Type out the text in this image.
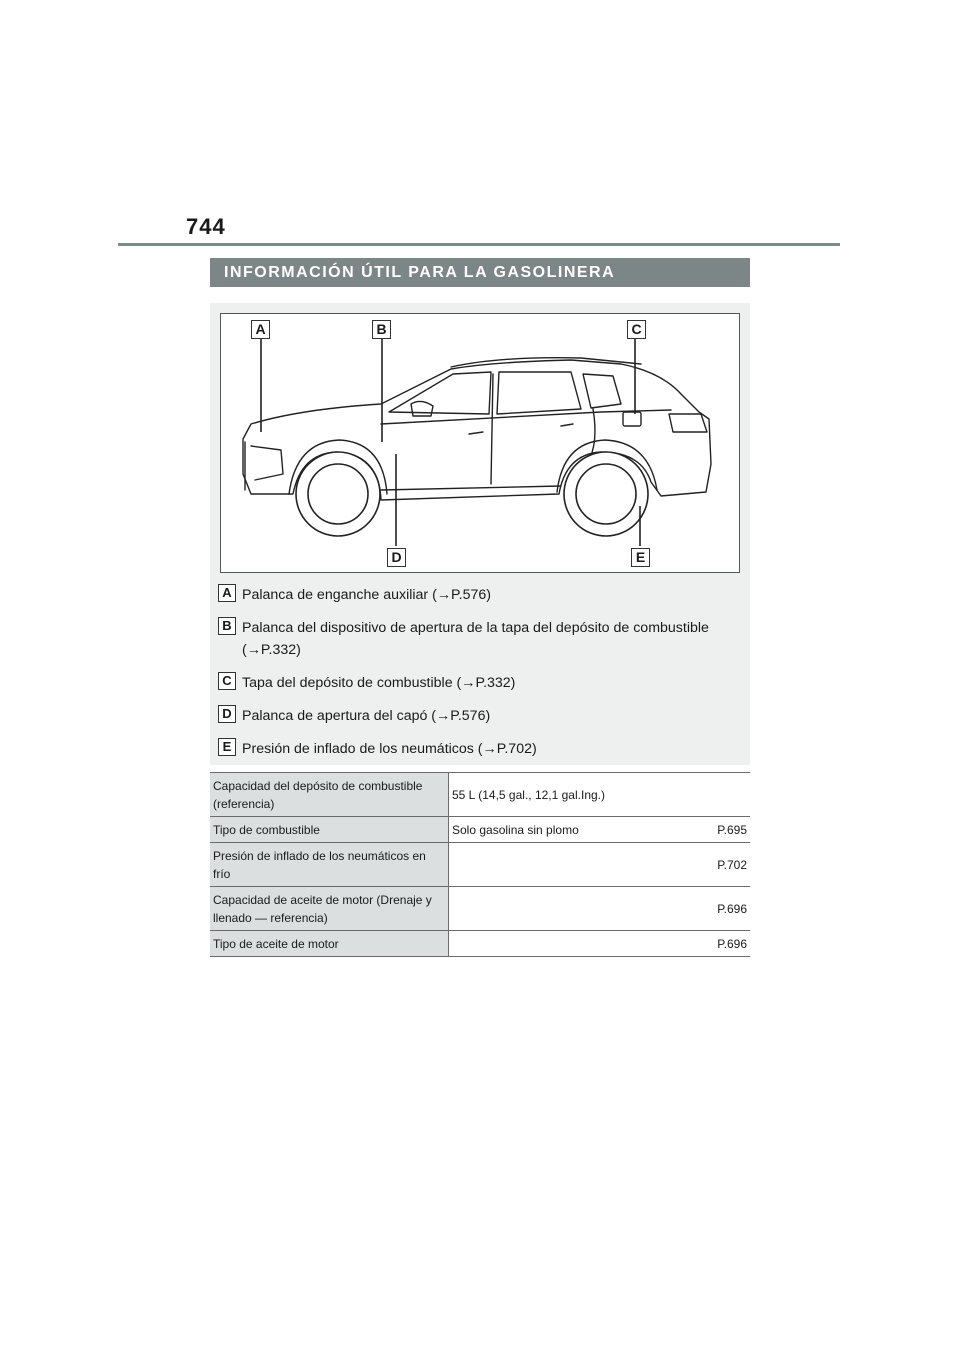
744
INFORMACIÓN ÚTIL PARA LA GASOLINERA
A	B	C
D	E
A Palanca de enganche auxiliar (→P.576)
B Palanca del dispositivo de apertura de la tapa del depósito de combustible (→P.332)
C Tapa del depósito de combustible (→P.332)
D Palanca de apertura del capó (→P.576)
E Presión de inflado de los neumáticos (→P.702)
Capacidad del depósito de combustible (referencia)	55 L (14,5 gal., 12,1 gal.Ing.)

Tipo de combustible	Solo gasolina sin plomo P.695

Presión de inflado de los neumáticos en frío	P.702

Capacidad de aceite de motor (Drenaje y llenado — referencia)	P.696

Tipo de aceite de motor	P.696
